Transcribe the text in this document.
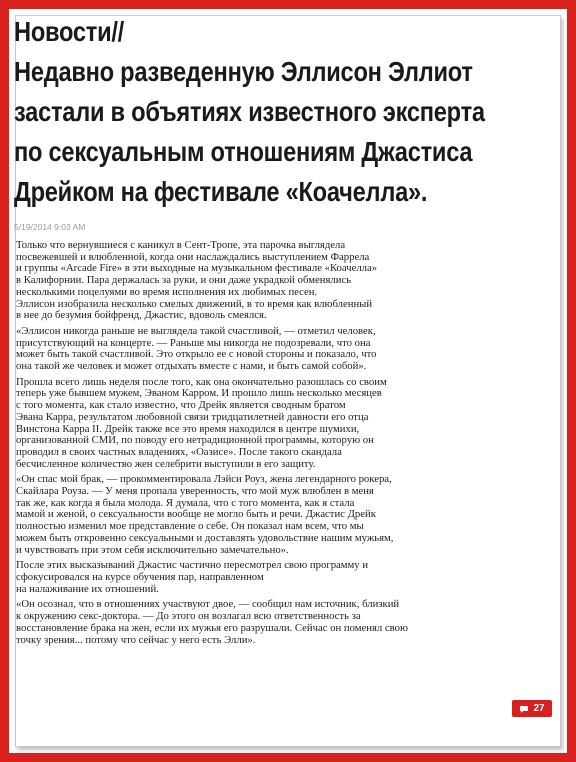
Новости//
Недавно разведенную Эллисон Эллиот
застали в объятиях известного эксперта
по сексуальным отношениям Джастиса
Дрейком на фестивале «Коачелла».
5/19/2014 9:03 AM

Только что вернувшиеся с каникул в Сент-Тропе, эта парочка выглядела
посвежевшей и влюбленной, когда они наслаждались выступлением Фаррела
и группы «Arcade Fire» в эти выходные на музыкальном фестивале «Коачелла»
в Калифорнии. Пара держалась за руки, и они даже украдкой обменялись
несколькими поцелуями во время исполнения их любимых песен.

Эллисон изобразила несколько смелых движений, в то время как влюбленный
в нее до безумия бойфренд, Джастис, вдоволь смеялся.

«Эллисон никогда раньше не выглядела такой счастливой, — отметил человек,
присутствующий на концерте. — Раньше мы никогда не подозревали, что она
может быть такой счастливой. Это открыло ее с новой стороны и показало, что
она такой же человек и может отдыхать вместе с нами, и быть самой собой».

Прошла всего лишь неделя после того, как она окончательно разошлась со своим
теперь уже бывшем мужем, Эваном Карром. И прошло лишь несколько месяцев
с того момента, как стало известно, что Дрейк является сводным братом
Эвана Карра, результатом любовной связи тридцатилетней давности его отца
Винстона Карра II. Дрейк также все это время находился в центре шумихи,
организованной СМИ, по поводу его нетрадиционной программы, которую он
проводил в своих частных владениях, «Оазисе». После такого скандала
бесчисленное количество жен селебрити выступили в его защиту.

«Он спас мой брак, — прокомментировала Лэйси Роуз, жена легендарного рокера,
Скайлара Роуза. — У меня пропала уверенность, что мой муж влюблен в меня
так же, как когда я была молода. Я думала, что с того момента, как я стала
мамой и женой, о сексуальности вообще не могло быть и речи. Джастис Дрейк
полностью изменил мое представление о себе. Он показал нам всем, что мы
можем быть откровенно сексуальными и доставлять удовольствие нашим мужьям,
и чувствовать при этом себя исключительно замечательно».

После этих высказываний Джастис частично пересмотрел свою программу и
сфокусировался на курсе обучения пар, направленном
на налаживание их отношений.

«Он осознал, что в отношениях участвуют двое, — сообщил нам источник, близкий
к окружению секс-доктора. — До этого он возлагал всю ответственность за
восстановление брака на жен, если их мужья его разрушали. Сейчас он поменял свою
точку зрения... потому что сейчас у него есть Элли».

27
